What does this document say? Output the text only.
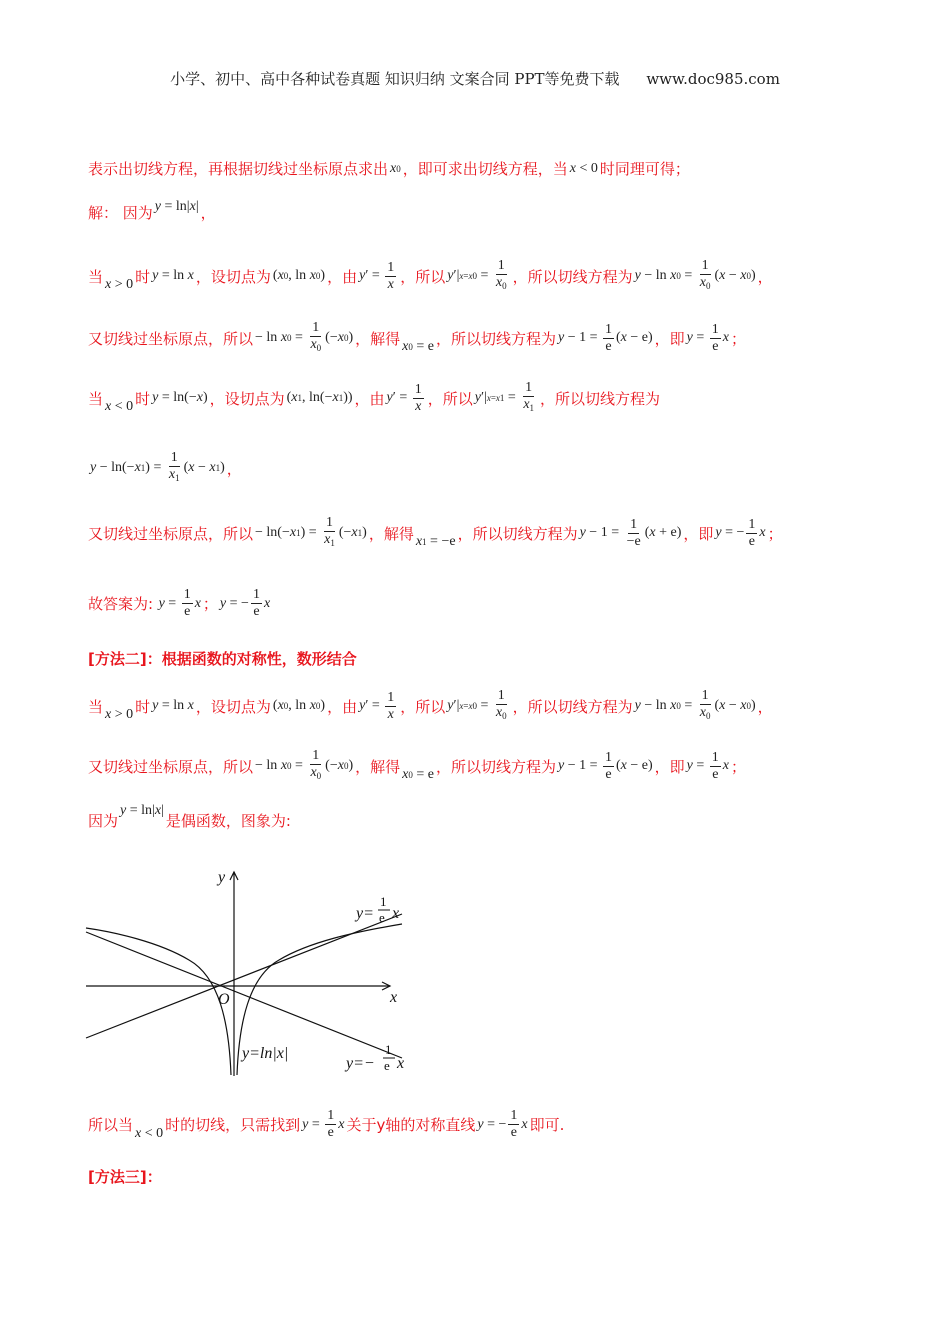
小学、初中、高中各种试卷真题 知识归纳 文案合同 PPT等免费下载 www.doc985.com
表示出切线方程，再根据切线过坐标原点求出 x 0 ，即可求出切线方程，当 x < 0 时同理可得；
解： 因为 y = ln| x | ，
当 x > 0 时 y = ln x ，设切点为 ( x 0 , ln x 0 ) ，由 y ′ = $\frac{1}{x}$ ，所以 y ′| $x=x0 = \frac{1}{x_0}$ ，所以切线方程为 y − ln x $0 = \frac{1}{x_0}$ ( x − x 0 ) ，
又切线过坐标原点，所以 − ln x $0 = \frac{1}{x_0}$ (− x 0 ) ，解得 x 0 = e ，所以切线方程为 $y - 1 = \frac{1}{e}$ ( x − e) ，即 $y = \frac{1}{e}$ x ；
当 x < 0 时 y = ln(− x ) ，设切点为 ( x 1 , ln(− x 1 )) ，由 y ′ = $\frac{1}{x}$ ，所以 y ′| $x=x1 = \frac{1}{x_1}$ ，所以切线方程为
y − ln(− x 1 ) = $\frac{1}{x_1}$ ( x − x 1 ) ，
又切线过坐标原点，所以 − ln(− x 1 ) = $\frac{1}{x_1}$ (− x 1 ) ，解得 x 1 = −e ，所以切线方程为 $y - 1 = \frac{1}{-e}$ ( x + e) ，即 y = − $\frac{1}{e}$ x ；
故答案为:
$y = \frac{1}{e}$ x ； y = − $\frac{1}{e}$ x
[方法二]：根据函数的对称性，数形结合
当 x > 0 时 y = ln x ，设切点为 ( x 0 , ln x 0 ) ，由 y ′ = $\frac{1}{x}$ ，所以 y ′| $x=x0 = \frac{1}{x_0}$ ，所以切线方程为 y − ln x $0 = \frac{1}{x_0}$ ( x − x 0 ) ，
又切线过坐标原点，所以 − ln x $0 = \frac{1}{x_0}$ (− x 0 ) ，解得 x 0 = e ，所以切线方程为 $y - 1 = \frac{1}{e}$ ( x − e) ，即 $y = \frac{1}{e}$ x ；
因为
y = ln| x |
是偶函数，图象为:
y
x
O
y=ln|x|
y=
1
e x
y=−
1
e x
所以当 x < 0 时的切线，只需找到 $y = \frac{1}{e}$ x 关于y轴的对称直线 y = − $\frac{1}{e}$ x 即可.
[方法三]：
